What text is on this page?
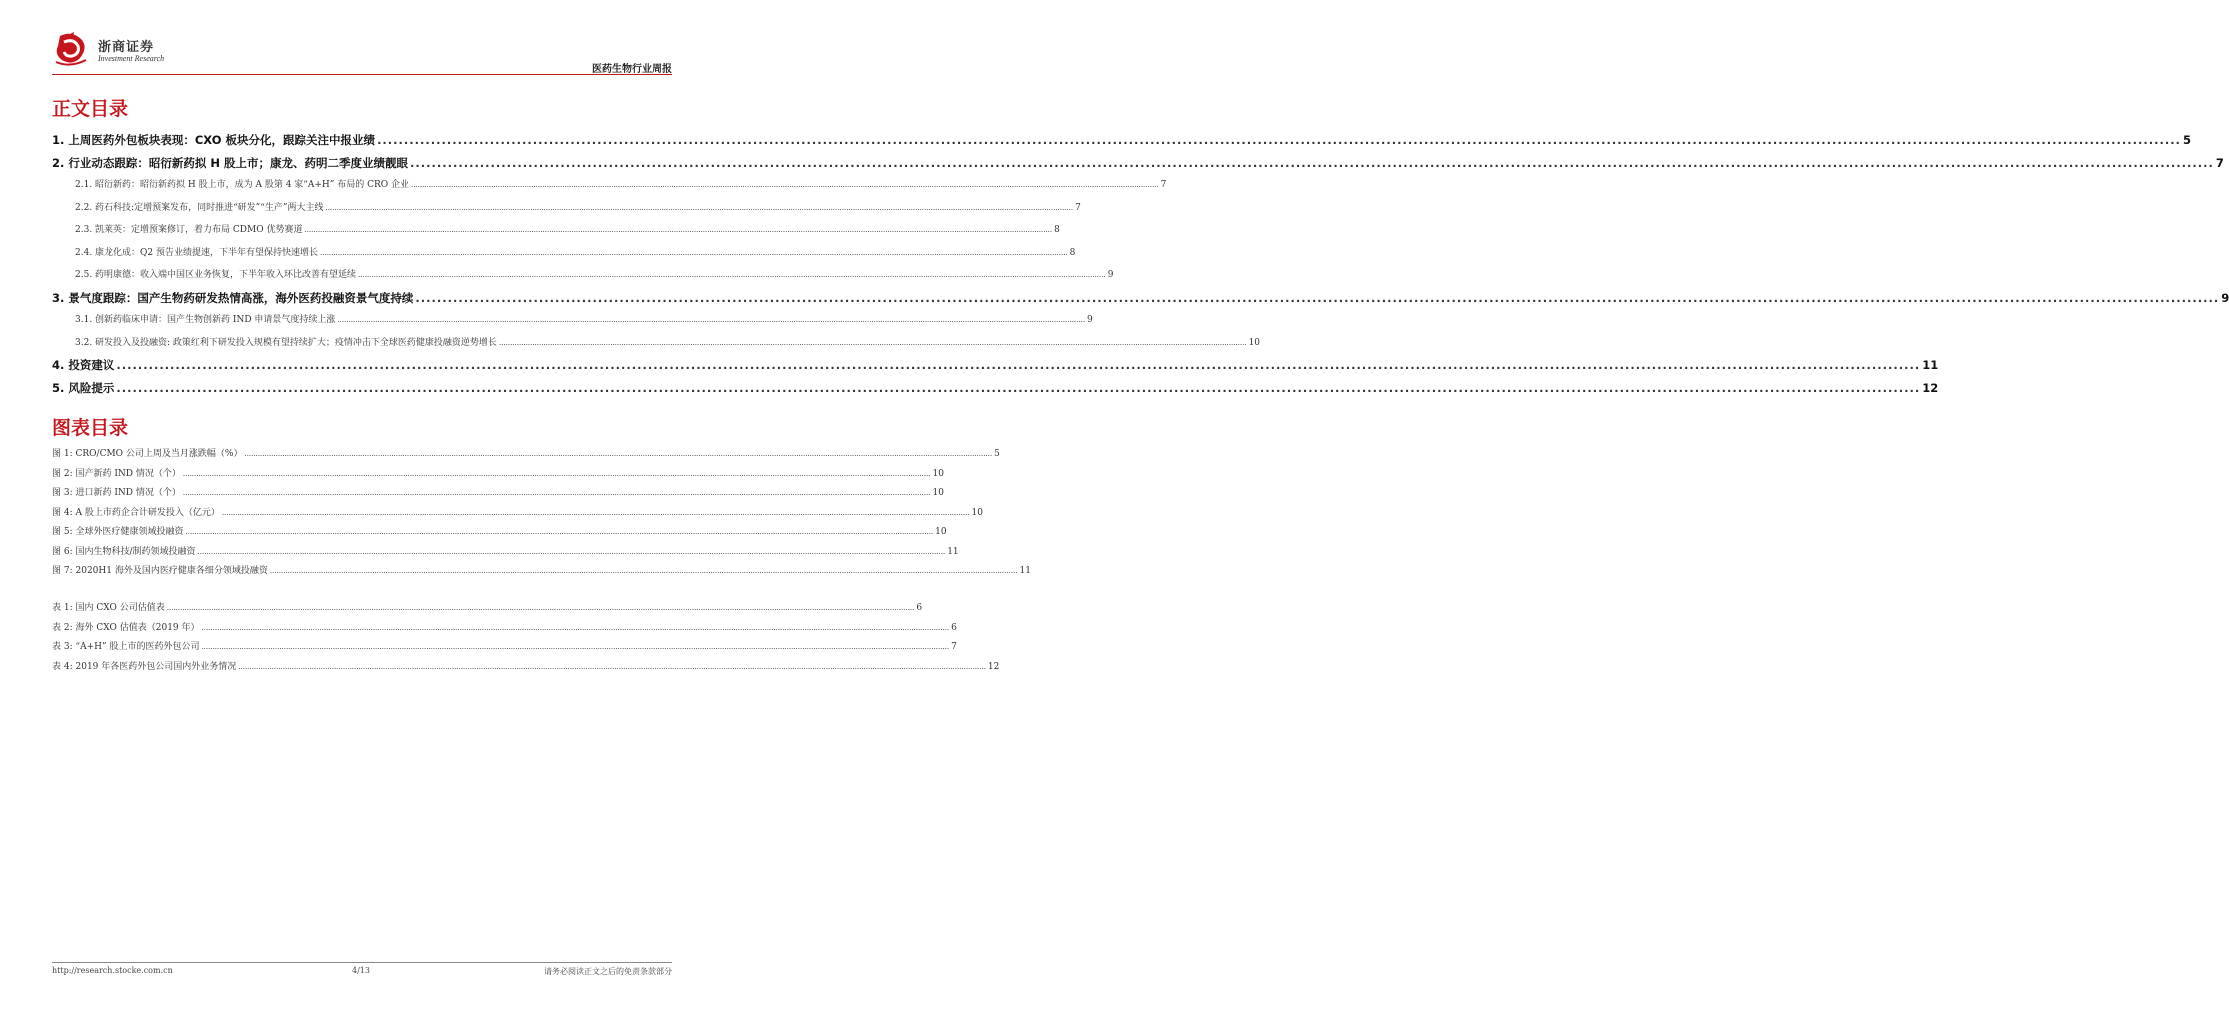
浙商证券
Investment Research
医药生物行业周报
正文目录
1. 上周医药外包板块表现：CXO 板块分化，跟踪关注中报业绩 .....	5
2. 行业动态跟踪：昭衍新药拟 H 股上市；康龙、药明二季度业绩靓眼 .....	7
2.1. 昭衍新药：昭衍新药拟 H 股上市，成为 A 股第 4 家“A+H” 布局的 CRO 企业 .....	7
2.2. 药石科技:定增预案发布，同时推进“研发”“生产”两大主线 .....	7
2.3. 凯莱英：定增预案修订，着力布局 CDMO 优势赛道 .....	8
2.4. 康龙化成：Q2 预告业绩提速，下半年有望保持快速增长 .....	8
2.5. 药明康德：收入端中国区业务恢复，下半年收入环比改善有望延续 .....	9
3. 景气度跟踪：国产生物药研发热情高涨，海外医药投融资景气度持续 .....	9
3.1. 创新药临床申请：国产生物创新药 IND 申请景气度持续上涨 .....	9
3.2. 研发投入及投融资: 政策红利下研发投入规模有望持续扩大；疫情冲击下全球医药健康投融资逆势增长 .....	10
4. 投资建议 .....	11
5. 风险提示 .....	12
图表目录
图 1: CRO/CMO 公司上周及当月涨跌幅（%） .....	5
图 2: 国产新药 IND 情况（个） .....	10
图 3: 进口新药 IND 情况（个） .....	10
图 4: A 股上市药企合计研发投入（亿元） .....	10
图 5: 全球外医疗健康领域投融资 .....	10
图 6: 国内生物科技/制药领域投融资 .....	11
图 7: 2020H1 海外及国内医疗健康各细分领域投融资 .....	11
表 1: 国内 CXO 公司估值表 .....	6
表 2: 海外 CXO 估值表（2019 年） .....	6
表 3: “A+H” 股上市的医药外包公司 .....	7
表 4: 2019 年各医药外包公司国内外业务情况 .....	12
http://research.stocke.com.cn	4/13	请务必阅读正文之后的免责条款部分
